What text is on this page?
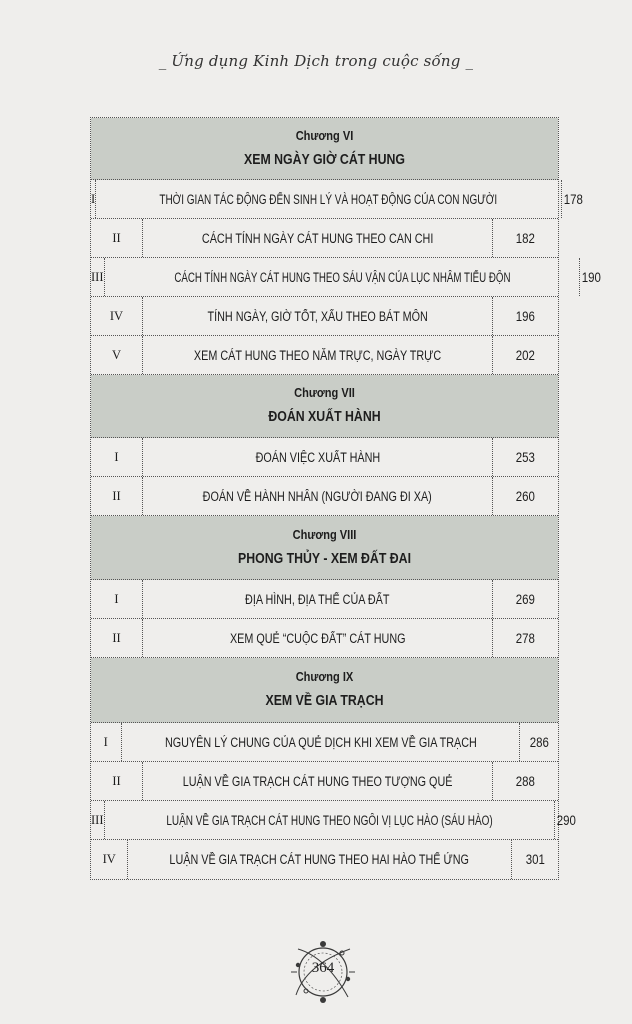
_ Ứng dụng Kinh Dịch trong cuộc sống _
Chương VI
XEM NGÀY GIỜ CÁT HUNG
I	THỜI GIAN TÁC ĐỘNG ĐẾN SINH LÝ VÀ HOẠT ĐỘNG CỦA CON NGƯỜI	178
II	CÁCH TÍNH NGÀY CÁT HUNG THEO CAN CHI	182
III	CÁCH TÍNH NGÀY CÁT HUNG THEO SÁU VẬN CỦA LỤC NHÂM TIỂU ĐỘN	190
IV	TÍNH NGÀY, GIỜ TỐT, XẤU THEO BÁT MÔN	196
V	XEM CÁT HUNG THEO NĂM TRỰC, NGÀY TRỰC	202
Chương VII
ĐOÁN XUẤT HÀNH
I	ĐOÁN VIỆC XUẤT HÀNH	253
II	ĐOÁN VỀ HÀNH NHÂN (NGƯỜI ĐANG ĐI XA)	260
Chương VIII
PHONG THỦY - XEM ĐẤT ĐAI
I	ĐỊA HÌNH, ĐỊA THẾ CỦA ĐẤT	269
II	XEM QUẺ “CUỘC ĐẤT” CÁT HUNG	278
Chương IX
XEM VỀ GIA TRẠCH
I	NGUYÊN LÝ CHUNG CỦA QUẺ DỊCH KHI XEM VỀ GIA TRẠCH	286
II	LUẬN VỀ GIA TRẠCH CÁT HUNG THEO TƯỢNG QUẺ	288
III	LUẬN VỀ GIA TRẠCH CÁT HUNG THEO NGÔI VỊ LỤC HÀO (SÁU HÀO)	290
IV	LUẬN VỀ GIA TRẠCH CÁT HUNG THEO HAI HÀO THẾ ỨNG	301
364
